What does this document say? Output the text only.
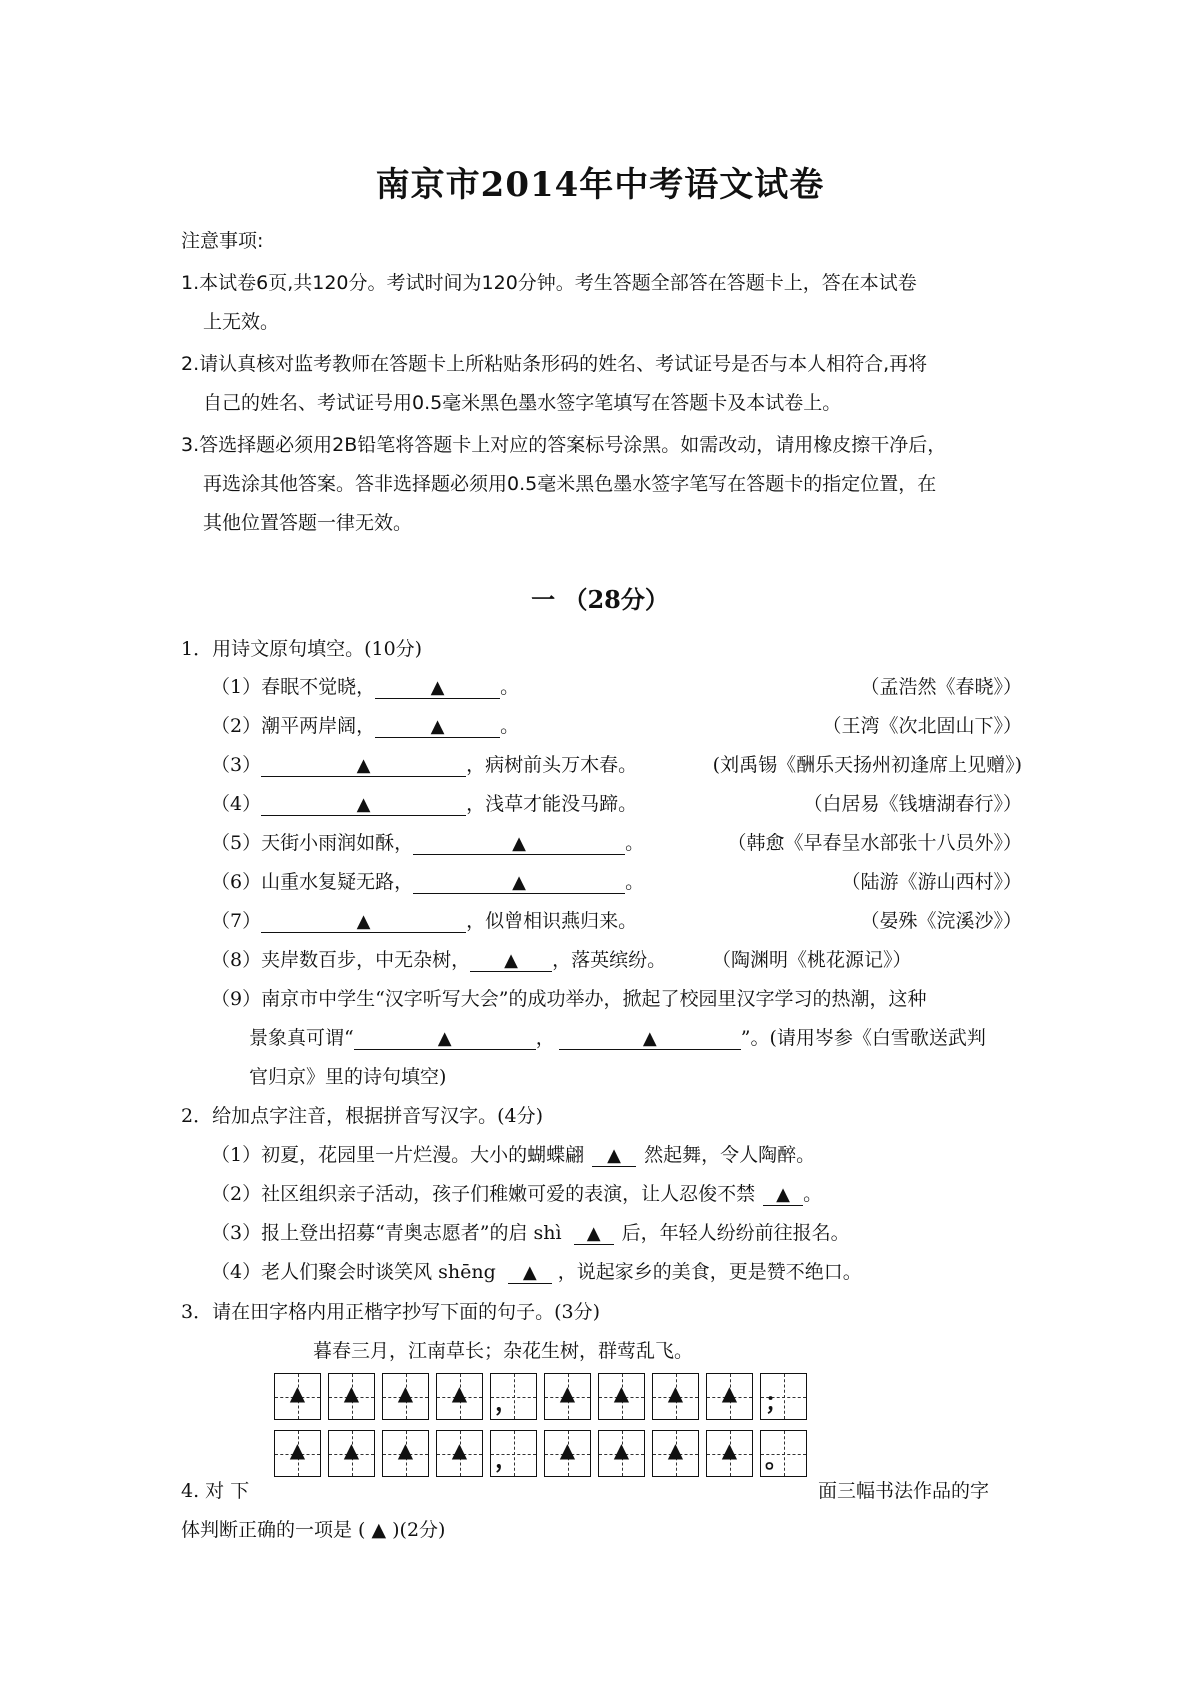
南京市2014年中考语文试卷
注意事项:
1.本试卷6页,共120分。考试时间为120分钟。考生答题全部答在答题卡上，答在本试卷
上无效。
2.请认真核对监考教师在答题卡上所粘贴条形码的姓名、考试证号是否与本人相符合,再将
自己的姓名、考试证号用0.5毫米黑色墨水签字笔填写在答题卡及本试卷上。
3.答选择题必须用2B铅笔将答题卡上对应的答案标号涂黑。如需改动，请用橡皮擦干净后，
再选涂其他答案。答非选择题必须用0.5毫米黑色墨水签字笔写在答题卡的指定位置，在
其他位置答题一律无效。
一 （28分）
1．用诗文原句填空。(10分)
（1）春眠不觉晓，	▲	。	（孟浩然《春晓》）
（2）潮平两岸阔，	▲	。	（王湾《次北固山下》）
（3）	▲	，病树前头万木春。	(刘禹锡《酬乐天扬州初逢席上见赠》)
（4）	▲	，浅草才能没马蹄。	（白居易《钱塘湖春行》）
（5）天街小雨润如酥，	▲	。	（韩愈《早春呈水部张十八员外》）
（6）山重水复疑无路，	▲	。	（陆游《游山西村》）
（7）	▲	，似曾相识燕归来。	（晏殊《浣溪沙》）
（8）夹岸数百步，中无杂树， ▲ ，落英缤纷。 （陶渊明《桃花源记》）
（9）南京市中学生“汉字听写大会”的成功举办，掀起了校园里汉字学习的热潮，这种
景象真可谓“	▲	，	▲	”。(请用岑参《白雪歌送武判
官归京》里的诗句填空)
2．给加点字注音，根据拼音写汉字。(4分)
（1）初夏，花园里一片烂漫。大小的蝴蝶翩 ▲ 然起舞，令人陶醉。
（2）社区组织亲子活动，孩子们稚嫩可爱的表演，让人忍俊不禁 ▲ 。
（3）报上登出招募“青奥志愿者”的启 shì ▲ 后，年轻人纷纷前往报名。
（4）老人们聚会时谈笑风 shēng ▲ ，说起家乡的美食，更是赞不绝口。
3．请在田字格内用正楷字抄写下面的句子。(3分)
暮春三月，江南草长；杂花生树，群莺乱飞。
▲	▲	▲	▲	，	▲	▲	▲	▲	；
▲	▲	▲	▲	，	▲	▲	▲	▲	。
4. 对 下	面三幅书法作品的字
体判断正确的一项是 ( ▲ )(2分)
